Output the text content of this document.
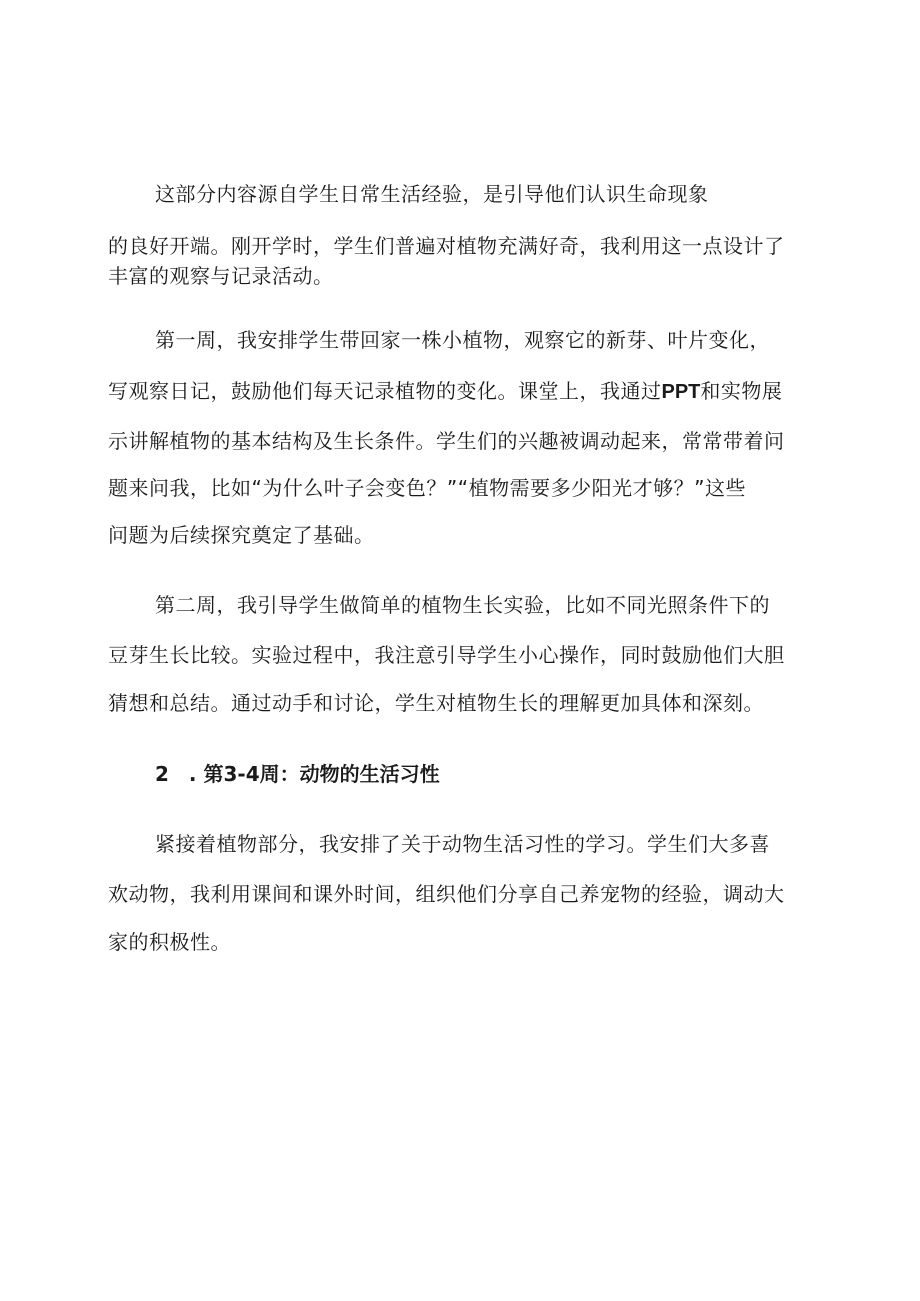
这部分内容源自学生日常生活经验，是引导他们认识生命现象
的良好开端。刚开学时，学生们普遍对植物充满好奇，我利用这一点设计了
丰富的观察与记录活动。
第一周，我安排学生带回家一株小植物，观察它的新芽、叶片变化，
写观察日记，鼓励他们每天记录植物的变化。课堂上，我通过PPT和实物展
示讲解植物的基本结构及生长条件。学生们的兴趣被调动起来，常常带着问
题来问我，比如“为什么叶子会变色？”“植物需要多少阳光才够？”这些
问题为后续探究奠定了基础。
第二周，我引导学生做简单的植物生长实验，比如不同光照条件下的
豆芽生长比较。实验过程中，我注意引导学生小心操作，同时鼓励他们大胆
猜想和总结。通过动手和讨论，学生对植物生长的理解更加具体和深刻。
2　. 第3-4周：动物的生活习性
紧接着植物部分，我安排了关于动物生活习性的学习。学生们大多喜
欢动物，我利用课间和课外时间，组织他们分享自己养宠物的经验，调动大
家的积极性。
